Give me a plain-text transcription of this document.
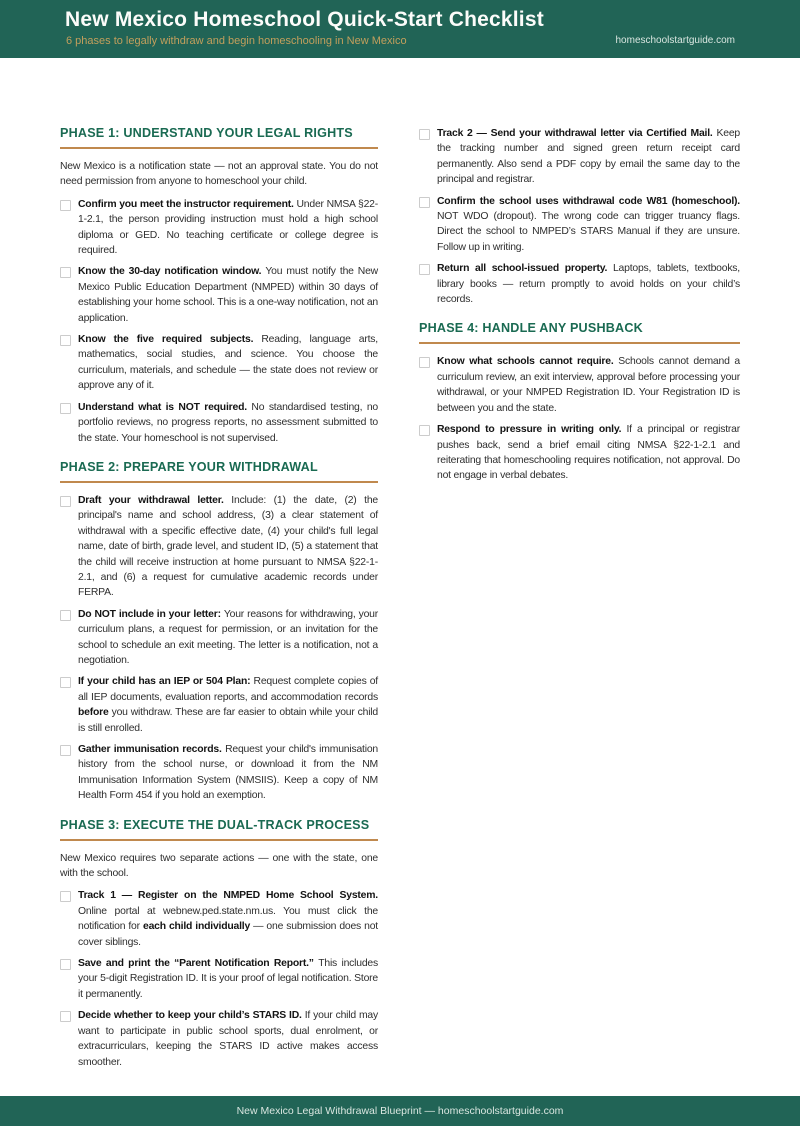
New Mexico Homeschool Quick-Start Checklist
6 phases to legally withdraw and begin homeschooling in New Mexico	homeschoolstartguide.com
PHASE 1: UNDERSTAND YOUR LEGAL RIGHTS

New Mexico is a notification state — not an approval state. You do not need permission from anyone to homeschool your child.

Confirm you meet the instructor requirement. Under NMSA §22-1-2.1, the person providing instruction must hold a high school diploma or GED. No teaching certificate or college degree is required.
Know the 30-day notification window. You must notify the New Mexico Public Education Department (NMPED) within 30 days of establishing your home school. This is a one-way notification, not an application.
Know the five required subjects. Reading, language arts, mathematics, social studies, and science. You choose the curriculum, materials, and schedule — the state does not review or approve any of it.
Understand what is NOT required. No standardised testing, no portfolio reviews, no progress reports, no assessment submitted to the state. Your homeschool is not supervised.
PHASE 2: PREPARE YOUR WITHDRAWAL
Draft your withdrawal letter. Include: (1) the date, (2) the principal's name and school address, (3) a clear statement of withdrawal with a specific effective date, (4) your child's full legal name, date of birth, grade level, and student ID, (5) a statement that the child will receive instruction at home pursuant to NMSA §22-1-2.1, and (6) a request for cumulative academic records under FERPA.
Do NOT include in your letter: Your reasons for withdrawing, your curriculum plans, a request for permission, or an invitation for the school to schedule an exit meeting. The letter is a notification, not a negotiation.
If your child has an IEP or 504 Plan: Request complete copies of all IEP documents, evaluation reports, and accommodation records before you withdraw. These are far easier to obtain while your child is still enrolled.
Gather immunisation records. Request your child's immunisation history from the school nurse, or download it from the NM Immunisation Information System (NMSIIS). Keep a copy of NM Health Form 454 if you hold an exemption.
PHASE 3: EXECUTE THE DUAL-TRACK PROCESS

New Mexico requires two separate actions — one with the state, one with the school.

Track 1 — Register on the NMPED Home School System. Online portal at webnew.ped.state.nm.us. You must click the notification for each child individually — one submission does not cover siblings.
Save and print the “Parent Notification Report.” This includes your 5-digit Registration ID. It is your proof of legal notification. Store it permanently.
Decide whether to keep your child’s STARS ID. If your child may want to participate in public school sports, dual enrolment, or extracurriculars, keeping the STARS ID active makes access smoother.
Track 2 — Send your withdrawal letter via Certified Mail. Keep the tracking number and signed green return receipt card permanently. Also send a PDF copy by email the same day to the principal and registrar.
Confirm the school uses withdrawal code W81 (homeschool). NOT WDO (dropout). The wrong code can trigger truancy flags. Direct the school to NMPED’s STARS Manual if they are unsure. Follow up in writing.
Return all school-issued property. Laptops, tablets, textbooks, library books — return promptly to avoid holds on your child’s records.
PHASE 4: HANDLE ANY PUSHBACK
Know what schools cannot require. Schools cannot demand a curriculum review, an exit interview, approval before processing your withdrawal, or your NMPED Registration ID. Your Registration ID is between you and the state.
Respond to pressure in writing only. If a principal or registrar pushes back, send a brief email citing NMSA §22-1-2.1 and reiterating that homeschooling requires notification, not approval. Do not engage in verbal debates.
New Mexico Legal Withdrawal Blueprint — homeschoolstartguide.com
